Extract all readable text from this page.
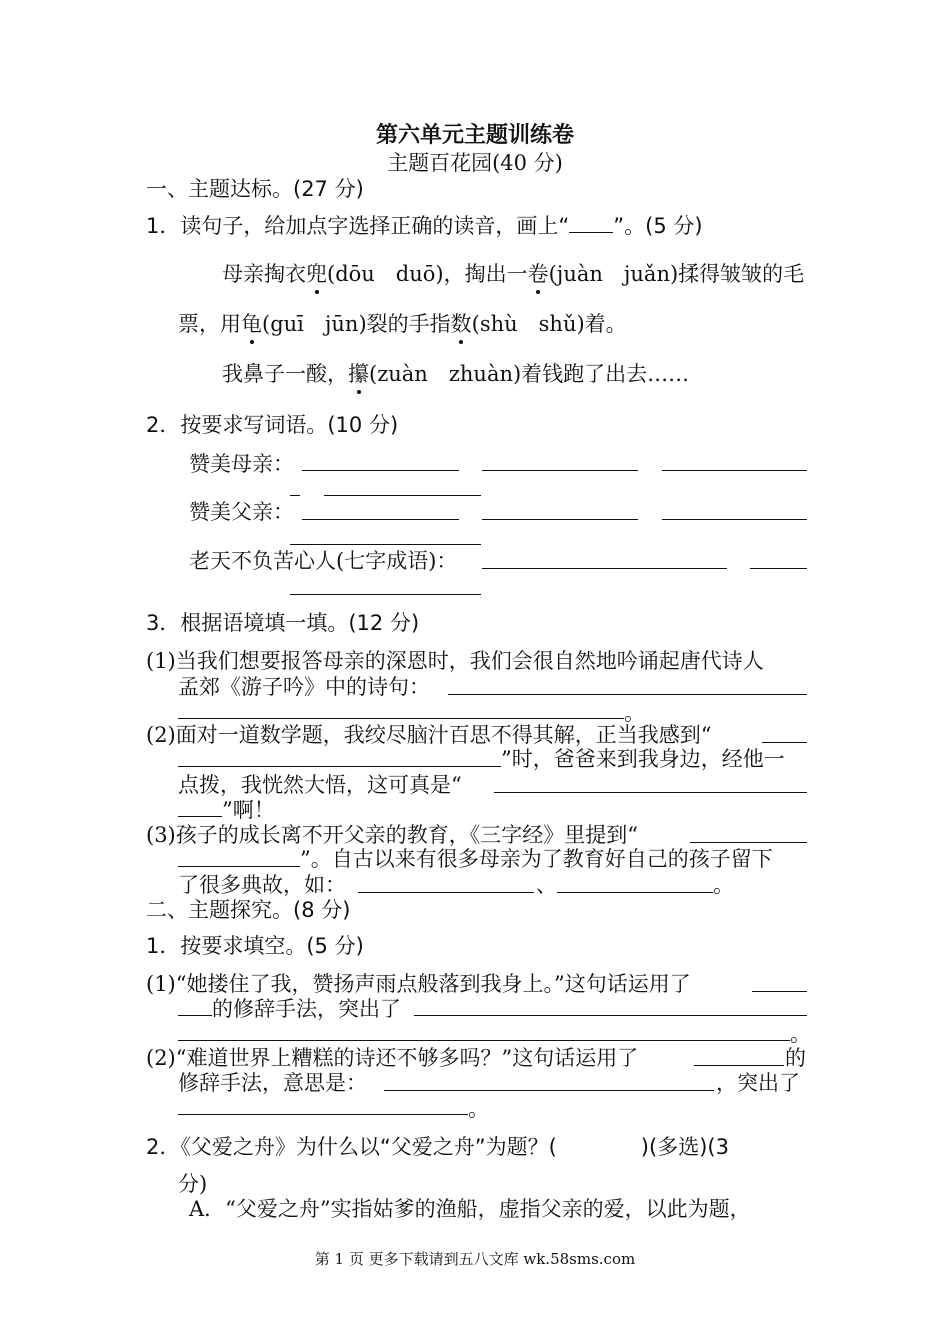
第六单元主题训练卷
主题百花园(40 分)
一、主题达标。(27 分)
1．读句子，给加点字选择正确的读音，画上“ ”。(5 分)
母亲掏衣兜(dōu　duō)，掏出一卷(juàn　juǎn)揉得皱皱的毛
票，用龟(guī　jūn)裂的手指数(shù　shǔ)着。
我鼻子一酸，攥(zuàn　zhuàn)着钱跑了出去……
2．按要求写词语。(10 分)
赞美母亲：
赞美父亲：
老天不负苦心人(七字成语)：
3．根据语境填一填。(12 分)
(1)当我们想要报答母亲的深恩时，我们会很自然地吟诵起唐代诗人
孟郊《游子吟》中的诗句：
。
(2)面对一道数学题，我绞尽脑汁百思不得其解，正当我感到“
”时，爸爸来到我身边，经他一
点拨，我恍然大悟，这可真是“
”啊！
(3)孩子的成长离不开父亲的教育，《三字经》里提到“
”。自古以来有很多母亲为了教育好自己的孩子留下
了很多典故，如：	、	。
二、主题探究。(8 分)
1．按要求填空。(5 分)
(1)“她搂住了我，赞扬声雨点般落到我身上。”这句话运用了
的修辞手法，突出了
。
(2)“难道世界上糟糕的诗还不够多吗？”这句话运用了	的
修辞手法，意思是：	，突出了
。
2．《父爱之舟》为什么以“父爱之舟”为题？(　　　　)(多选)(3
分)
A．“父爱之舟”实指姑爹的渔船，虚指父亲的爱，以此为题，
第 1 页 更多下载请到五八文库 wk.58sms.com
